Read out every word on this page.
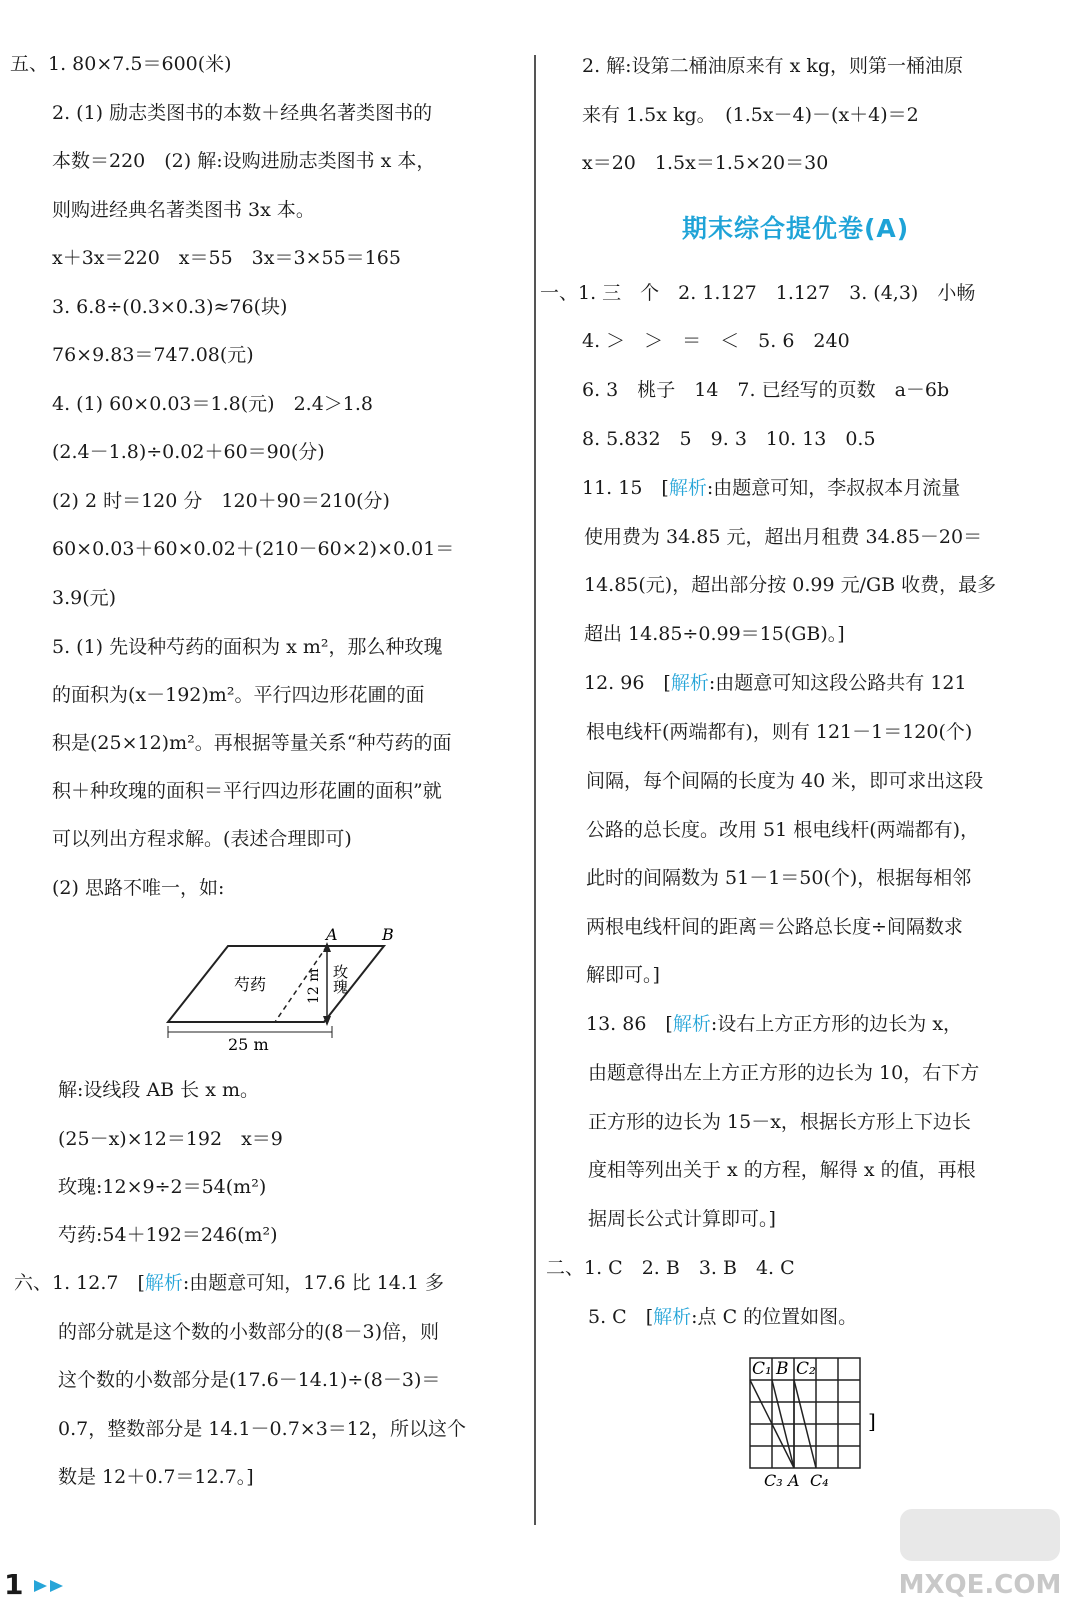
五、1. 80×7.5＝600(米)
2. (1) 励志类图书的本数＋经典名著类图书的
本数＝220　(2) 解:设购进励志类图书 x 本，
则购进经典名著类图书 3x 本。
x＋3x＝220　x＝55　3x＝3×55＝165
3. 6.8÷(0.3×0.3)≈76(块)
76×9.83＝747.08(元)
4. (1) 60×0.03＝1.8(元)　2.4＞1.8
(2.4－1.8)÷0.02＋60＝90(分)
(2) 2 时＝120 分　120＋90＝210(分)
60×0.03＋60×0.02＋(210－60×2)×0.01＝
3.9(元)
5. (1) 先设种芍药的面积为 x m²，那么种玫瑰
的面积为(x－192)m²。平行四边形花圃的面
积是(25×12)m²。再根据等量关系“种芍药的面
积＋种玫瑰的面积＝平行四边形花圃的面积”就
可以列出方程求解。(表述合理即可)
(2) 思路不唯一，如:
A	B
芍药	玫瑰
12 m
25 m
解:设线段 AB 长 x m。
(25－x)×12＝192　x＝9
玫瑰:12×9÷2＝54(m²)
芍药:54＋192＝246(m²)
六、1. 12.7　[解析:由题意可知，17.6 比 14.1 多
的部分就是这个数的小数部分的(8－3)倍，则
这个数的小数部分是(17.6－14.1)÷(8－3)＝
0.7，整数部分是 14.1－0.7×3＝12，所以这个
数是 12＋0.7＝12.7。]
2. 解:设第二桶油原来有 x kg，则第一桶油原
来有 1.5x kg。　(1.5x－4)－(x＋4)＝2
x＝20　1.5x＝1.5×20＝30
期末综合提优卷(A)
一、1. 三　个　2. 1.127　1.127　3. (4,3)　小畅
4. ＞　＞　＝　＜　5. 6　240
6. 3　桃子　14　7. 已经写的页数　a－6b
8. 5.832　5　9. 3　10. 13　0.5
11. 15　[解析:由题意可知，李叔叔本月流量
使用费为 34.85 元，超出月租费 34.85－20＝
14.85(元)，超出部分按 0.99 元/GB 收费，最多
超出 14.85÷0.99＝15(GB)。]
12. 96　[解析:由题意可知这段公路共有 121
根电线杆(两端都有)，则有 121－1＝120(个)
间隔，每个间隔的长度为 40 米，即可求出这段
公路的总长度。改用 51 根电线杆(两端都有)，
此时的间隔数为 51－1＝50(个)，根据每相邻
两根电线杆间的距离＝公路总长度÷间隔数求
解即可。]
13. 86　[解析:设右上方正方形的边长为 x，
由题意得出左上方正方形的边长为 10，右下方
正方形的边长为 15－x，根据长方形上下边长
度相等列出关于 x 的方程，解得 x 的值，再根
据周长公式计算即可。]
二、1. C　2. B　3. B　4. C
5. C　[解析:点 C 的位置如图。
C₁ B C₂
C₃ A C₄
]
1	MXQE.COM
